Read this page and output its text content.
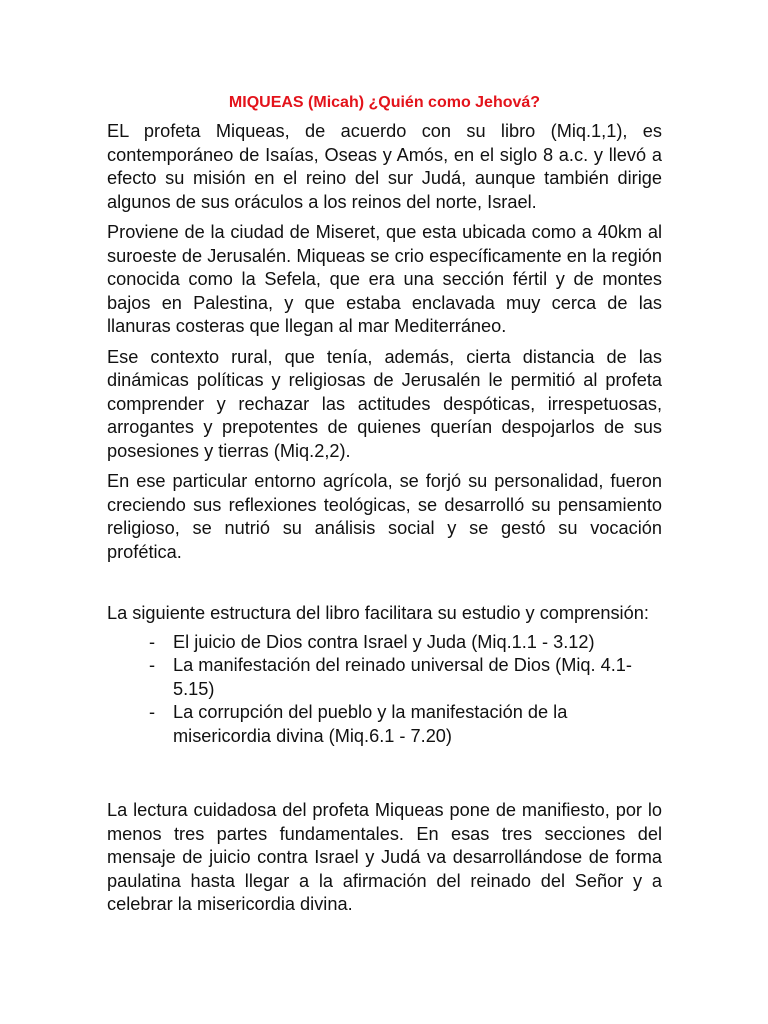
MIQUEAS (Micah) ¿Quién como Jehová?

EL profeta Miqueas, de acuerdo con su libro (Miq.1,1), es contemporáneo de Isaías, Oseas y Amós, en el siglo 8 a.c. y llevó a efecto su misión en el reino del sur Judá, aunque también dirige algunos de sus oráculos a los reinos del norte, Israel.

Proviene de la ciudad de Miseret, que esta ubicada como a 40km al suroeste de Jerusalén. Miqueas se crio específicamente en la región conocida como la Sefela, que era una sección fértil y de montes bajos en Palestina, y que estaba enclavada muy cerca de las llanuras costeras que llegan al mar Mediterráneo.

Ese contexto rural, que tenía, además, cierta distancia de las dinámicas políticas y religiosas de Jerusalén le permitió al profeta comprender y rechazar las actitudes despóticas, irrespetuosas, arrogantes y prepotentes de quienes querían despojarlos de sus posesiones y tierras (Miq.2,2).

En ese particular entorno agrícola, se forjó su personalidad, fueron creciendo sus reflexiones teológicas, se desarrolló su pensamiento religioso, se nutrió su análisis social y se gestó su vocación profética.

La siguiente estructura del libro facilitara su estudio y comprensión:

- El juicio de Dios contra Israel y Juda (Miq.1.1 - 3.12)
- La manifestación del reinado universal de Dios (Miq. 4.1-5.15)
- La corrupción del pueblo y la manifestación de la misericordia divina (Miq.6.1 - 7.20)

La lectura cuidadosa del profeta Miqueas pone de manifiesto, por lo menos tres partes fundamentales. En esas tres secciones del mensaje de juicio contra Israel y Judá va desarrollándose de forma paulatina hasta llegar a la afirmación del reinado del Señor y a celebrar la misericordia divina.
